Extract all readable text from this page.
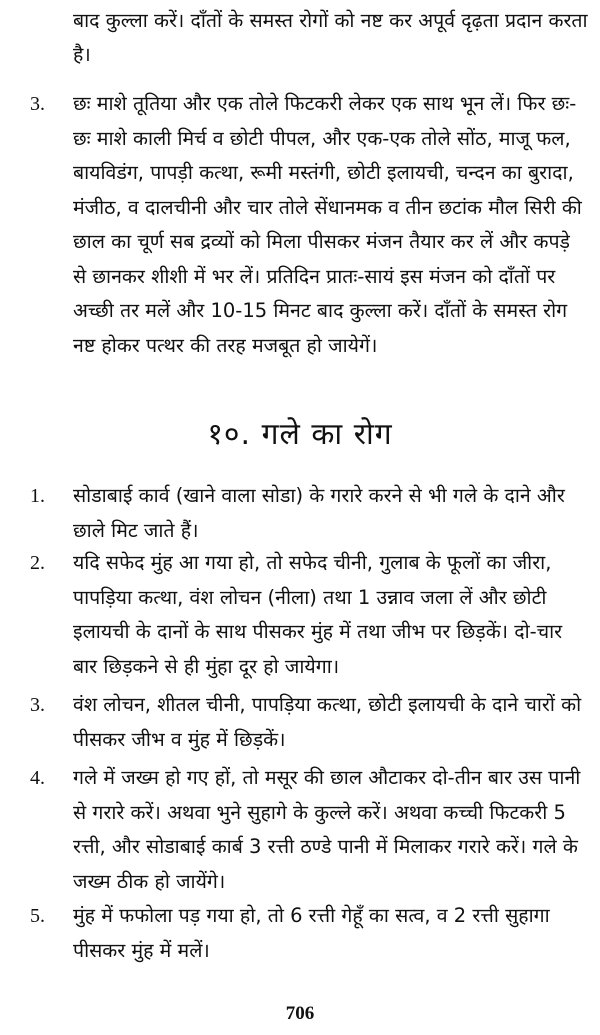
बाद कुल्ला करें। दाँतों के समस्त रोगों को नष्ट कर अपूर्व दृढ़ता प्रदान करता है।
3.	छः माशे तूतिया और एक तोले फिटकरी लेकर एक साथ भून लें। फिर छः-छः माशे काली मिर्च व छोटी पीपल, और एक-एक तोले सोंठ, माजू फल, बायविडंग, पापड़ी कत्था, रूमी मस्तंगी, छोटी इलायची, चन्दन का बुरादा, मंजीठ, व दालचीनी और चार तोले सेंधानमक व तीन छटांक मौल सिरी की छाल का चूर्ण सब द्रव्यों को मिला पीसकर मंजन तैयार कर लें और कपड़े से छानकर शीशी में भर लें। प्रतिदिन प्रातः-सायं इस मंजन को दाँतों पर अच्छी तर मलें और 10-15 मिनट बाद कुल्ला करें। दाँतों के समस्त रोग नष्ट होकर पत्थर की तरह मजबूत हो जायेगें।
१०. गले का रोग
1.	सोडाबाई कार्व (खाने वाला सोडा) के गरारे करने से भी गले के दाने और छाले मिट जाते हैं।
2.	यदि सफेद मुंह आ गया हो, तो सफेद चीनी, गुलाब के फूलों का जीरा, पापड़िया कत्था, वंश लोचन (नीला) तथा 1 उन्नाव जला लें और छोटी इलायची के दानों के साथ पीसकर मुंह में तथा जीभ पर छिड़कें। दो-चार बार छिड़कने से ही मुंहा दूर हो जायेगा।
3.	वंश लोचन, शीतल चीनी, पापड़िया कत्था, छोटी इलायची के दाने चारों को पीसकर जीभ व मुंह में छिड़कें।
4.	गले में जख्म हो गए हों, तो मसूर की छाल औटाकर दो-तीन बार उस पानी से गरारे करें। अथवा भुने सुहागे के कुल्ले करें। अथवा कच्ची फिटकरी 5 रत्ती, और सोडाबाई कार्ब 3 रत्ती ठण्डे पानी में मिलाकर गरारे करें। गले के जख्म ठीक हो जायेंगे।
5.	मुंह में फफोला पड़ गया हो, तो 6 रत्ती गेहूँ का सत्व, व 2 रत्ती सुहागा पीसकर मुंह में मलें।
706
